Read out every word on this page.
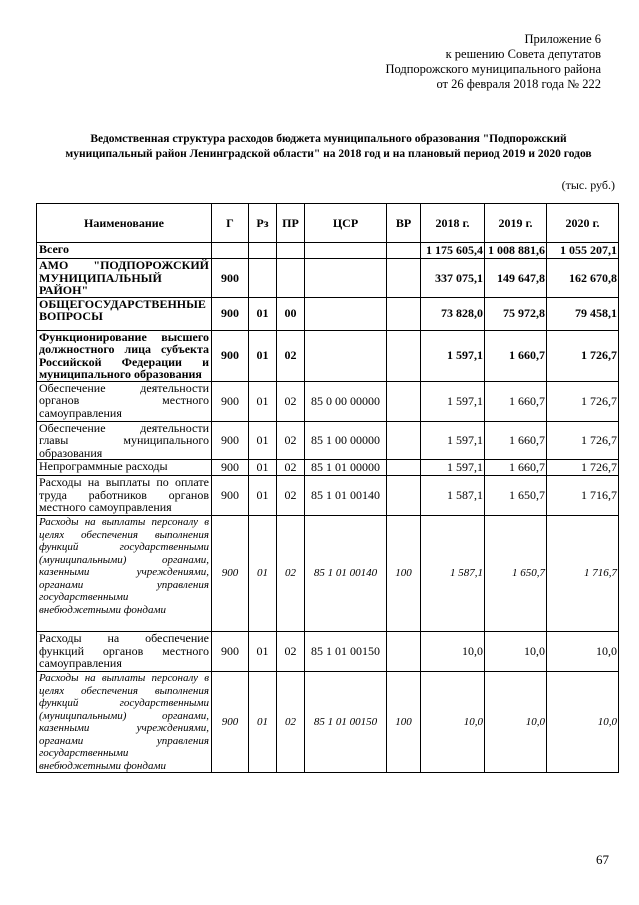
Приложение 6
к решению Совета депутатов
Подпорожского муниципального района
от 26 февраля 2018 года № 222
Ведомственная структура расходов бюджета муниципального образования "Подпорожский
муниципальный район Ленинградской области" на 2018 год и на плановый период 2019 и 2020 годов
(тыс. руб.)
Наименование	Г	Рз	ПР	ЦСР	ВР	2018 г.	2019 г.	2020 г.
Всего						1 175 605,4	1 008 881,6	1 055 207,1
АМО "ПОДПОРОЖСКИЙ МУНИЦИПАЛЬНЫЙ РАЙОН"	900					337 075,1	149 647,8	162 670,8
ОБЩЕГОСУДАРСТВЕННЫЕ ВОПРОСЫ	900	01	00			73 828,0	75 972,8	79 458,1
Функционирование высшего должностного лица субъекта Российской Федерации и муниципального образования	900	01	02			1 597,1	1 660,7	1 726,7
Обеспечение деятельности органов местного самоуправления	900	01	02	85 0 00 00000		1 597,1	1 660,7	1 726,7
Обеспечение деятельности главы муниципального образования	900	01	02	85 1 00 00000		1 597,1	1 660,7	1 726,7
Непрограммные расходы	900	01	02	85 1 01 00000		1 597,1	1 660,7	1 726,7
Расходы на выплаты по оплате труда работников органов местного самоуправления	900	01	02	85 1 01 00140		1 587,1	1 650,7	1 716,7
Расходы на выплаты персоналу в целях обеспечения выполнения функций государственными (муниципальными) органами, казенными учреждениями, органами управления государственными внебюджетными фондами	900	01	02	85 1 01 00140	100	1 587,1	1 650,7	1 716,7
Расходы на обеспечение функций органов местного самоуправления	900	01	02	85 1 01 00150		10,0	10,0	10,0
Расходы на выплаты персоналу в целях обеспечения выполнения функций государственными (муниципальными) органами, казенными учреждениями, органами управления государственными внебюджетными фондами	900	01	02	85 1 01 00150	100	10,0	10,0	10,0
67
